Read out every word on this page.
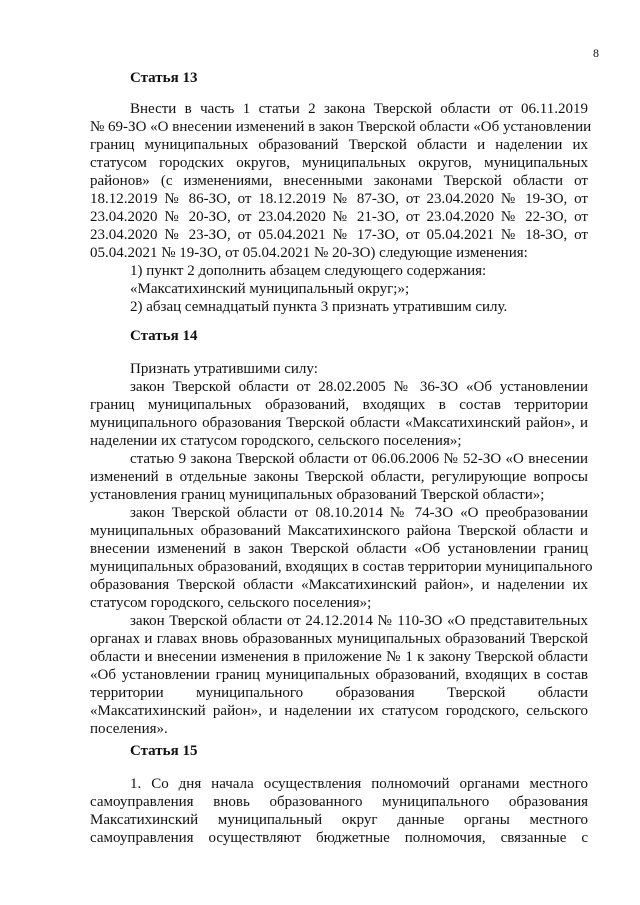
8
Статья 13
Внести в часть 1 статьи 2 закона Тверской области от 06.11.2019
№ 69-ЗО «О внесении изменений в закон Тверской области «Об установлении
границ муниципальных образований Тверской области и наделении их
статусом городских округов, муниципальных округов, муниципальных
районов» (с изменениями, внесенными законами Тверской области от
18.12.2019 № 86-ЗО, от 18.12.2019 № 87-ЗО, от 23.04.2020 № 19-ЗО, от
23.04.2020 № 20-ЗО, от 23.04.2020 № 21-ЗО, от 23.04.2020 № 22-ЗО, от
23.04.2020 № 23-ЗО, от 05.04.2021 № 17-ЗО, от 05.04.2021 № 18-ЗО, от
05.04.2021 № 19-ЗО, от 05.04.2021 № 20-ЗО) следующие изменения:
1) пункт 2 дополнить абзацем следующего содержания:
«Максатихинский муниципальный округ;»;
2) абзац семнадцатый пункта 3 признать утратившим силу.
Статья 14
Признать утратившими силу:
закон Тверской области от 28.02.2005 № 36-ЗО «Об установлении
границ муниципальных образований, входящих в состав территории
муниципального образования Тверской области «Максатихинский район», и
наделении их статусом городского, сельского поселения»;
статью 9 закона Тверской области от 06.06.2006 № 52-ЗО «О внесении
изменений в отдельные законы Тверской области, регулирующие вопросы
установления границ муниципальных образований Тверской области»;
закон Тверской области от 08.10.2014 № 74-ЗО «О преобразовании
муниципальных образований Максатихинского района Тверской области и
внесении изменений в закон Тверской области «Об установлении границ
муниципальных образований, входящих в состав территории муниципального
образования Тверской области «Максатихинский район», и наделении их
статусом городского, сельского поселения»;
закон Тверской области от 24.12.2014 № 110-ЗО «О представительных
органах и главах вновь образованных муниципальных образований Тверской
области и внесении изменения в приложение № 1 к закону Тверской области
«Об установлении границ муниципальных образований, входящих в состав
территории муниципального образования Тверской области
«Максатихинский район», и наделении их статусом городского, сельского
поселения».
Статья 15
1. Со дня начала осуществления полномочий органами местного
самоуправления вновь образованного муниципального образования
Максатихинский муниципальный округ данные органы местного
самоуправления осуществляют бюджетные полномочия, связанные с
